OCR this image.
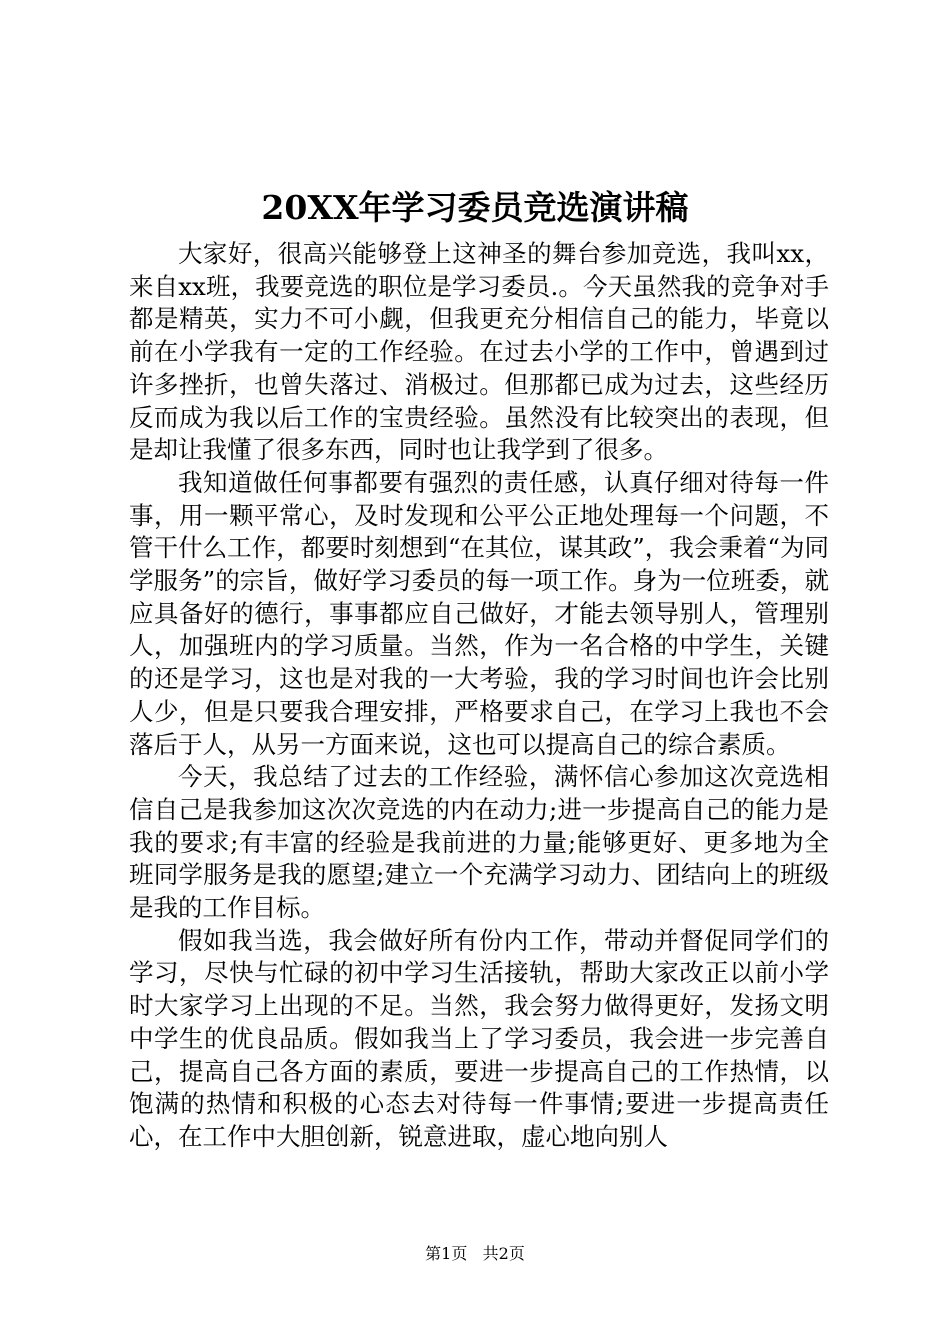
20XX年学习委员竞选演讲稿

大家好，很高兴能够登上这神圣的舞台参加竞选，我叫xx，来自xx班，我要竞选的职位是学习委员.。今天虽然我的竞争对手都是精英，实力不可小觑，但我更充分相信自己的能力，毕竟以前在小学我有一定的工作经验。在过去小学的工作中，曾遇到过许多挫折，也曾失落过、消极过。但那都已成为过去，这些经历反而成为我以后工作的宝贵经验。虽然没有比较突出的表现，但是却让我懂了很多东西，同时也让我学到了很多。

我知道做任何事都要有强烈的责任感，认真仔细对待每一件事，用一颗平常心，及时发现和公平公正地处理每一个问题，不管干什么工作，都要时刻想到“在其位，谋其政”，我会秉着“为同学服务”的宗旨，做好学习委员的每一项工作。身为一位班委，就应具备好的德行，事事都应自己做好，才能去领导别人，管理别人，加强班内的学习质量。当然，作为一名合格的中学生，关键的还是学习，这也是对我的一大考验，我的学习时间也许会比别人少，但是只要我合理安排，严格要求自己，在学习上我也不会落后于人，从另一方面来说，这也可以提高自己的综合素质。

今天，我总结了过去的工作经验，满怀信心参加这次竞选相信自己是我参加这次次竞选的内在动力;进一步提高自己的能力是我的要求;有丰富的经验是我前进的力量;能够更好、更多地为全班同学服务是我的愿望;建立一个充满学习动力、团结向上的班级是我的工作目标。

假如我当选，我会做好所有份内工作，带动并督促同学们的学习，尽快与忙碌的初中学习生活接轨，帮助大家改正以前小学时大家学习上出现的不足。当然，我会努力做得更好，发扬文明中学生的优良品质。假如我当上了学习委员，我会进一步完善自己，提高自己各方面的素质，要进一步提高自己的工作热情，以饱满的热情和积极的心态去对待每一件事情;要进一步提高责任心，在工作中大胆创新，锐意进取，虚心地向别人

第1页 共2页
